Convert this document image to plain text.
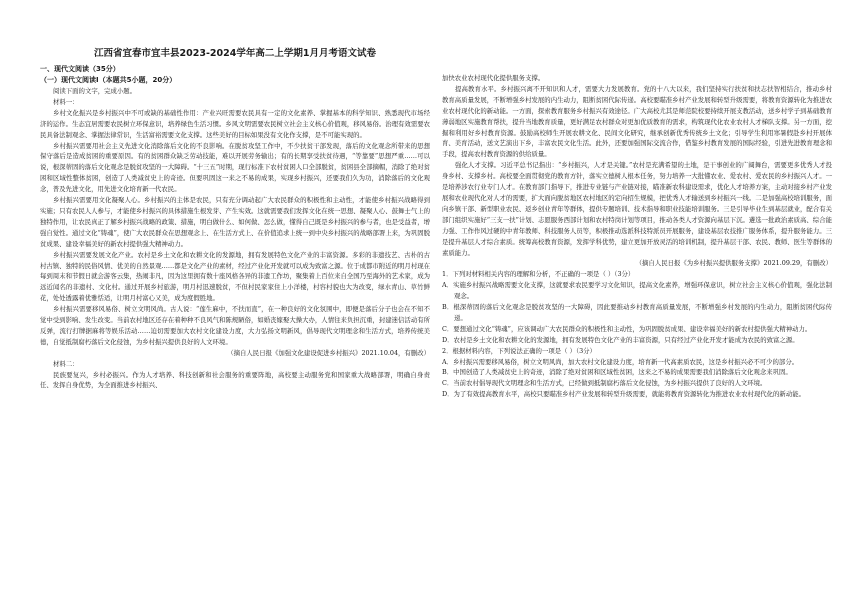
江西省宜春市宜丰县2023-2024学年高二上学期1月月考语文试卷
一、现代文阅读（35分）
（一）现代文阅读Ⅰ（本题共5小题，20分）

阅读下面的文字，完成小题。

材料一：

乡村文化振兴是乡村振兴中不可或缺的基础性作用：产业兴旺需要农民具有一定的文化素养、掌握基本的科学知识、熟悉现代市场经济的运作。生态宜居需要农民树立环保意识，培养绿色生活习惯。乡风文明需要农民树立社会主义核心价值观，移风易俗。治理有效需要农民具备法制观念、掌握法律常识，生活富裕需要文化支撑。这些美好的目标如果没有文化作支撑，是不可能实现的。

乡村振兴需要用社会主义先进文化消除落后文化的不良影响。在脱贫攻坚工作中，不少扶贫干部发现，落后的文化观念所带来的思想保守落后是造成贫困的重要原因。有的贫困群众缺乏劳动技能，难以开展劳务输出；有的长期享受扶贫待遇，“等靠要”思想严重……可以说，根深蒂固的落后文化观念是脱贫攻坚的一大障碍。“十三五”时期，现行标准下农村贫困人口全部脱贫，贫困县全部摘帽，消除了绝对贫困和区域性整体贫困，创造了人类减贫史上的奇迹。但要巩固这一来之不易的成果，实现乡村振兴，还要我们久为功，消除落后的文化观念，普及先进文化，用先进文化培育新一代农民。

乡村振兴需要用文化凝聚人心。乡村振兴的主体是农民，只有充分调动起广大农民群众的积极性和主动性，才能使乡村振兴战略得到实施；只有农民人人参与，才能使乡村振兴的具体措施生根发芽、产生实效。这就需要我们发挥文化在统一思想、凝聚人心、鼓舞士气上的独特作用，让农民真正了解乡村振兴战略的政策、措施，明白做什么、如何做、怎么做，懂得自己既是乡村振兴的参与者，也是受益者，增强自觉性。通过文化“铸魂”，使广大农民群众在思想观念上、在生活方式上、在价值追求上统一到中央乡村振兴的战略部署上来，为巩固脱贫成果、建设幸福美好的新农村提供强大精神动力。

乡村振兴需要发展文化产业。农村是乡土文化和农耕文化的发源地，拥有发展特色文化产业的丰富资源。多彩的非遗技艺、古朴的古村古镇、独特的民俗风情、优美的自然景观……都是文化产业的素材，经过产业化开发就可以成为致富之源。位于成都市附近的明月村现在每到周末和节假日就会游客云集，热闹非凡，因为这里拥有数十座风格各异的非遗工作坊，聚集着上百位来自全国乃至海外的艺术家，成为远近闻名的非遗村、文化村。通过开展乡村旅游，明月村迅速脱贫，不但村民家家住上小洋楼，村容村貌也大为改变，绿水青山、草竹鲜花，处处透露着优雅恬适，让明月村富心又美，成为度假胜地。

乡村振兴需要移风易俗、树立文明风尚。古人说：“莲生麻中，不扶而直”，在一种良好的文化氛围中，即便是落后分子也会在不知不觉中受到影响、发生改变。当前农村地区还存在着种种不良风气和陈规陋俗，如婚丧嫁娶大操大办，人情往来负担沉重，封建迷信活动有所反弹，流行打牌据麻将等娱乐活动……迫切需要加大农村文化建设力度，大力弘扬文明新风，倡导现代文明理念和生活方式，培养传统美德，自觉抵制腐朽落后文化侵蚀，为乡村振兴提供良好的人文环境。

（摘自人民日报《加强文化建设促进乡村振兴》2021.10.04，有删改）

材料二：

民族要复兴，乡村必振兴。作为人才培养、科技创新和社会服务的重要阵地，高校要主动服务党和国家重大战略部署，明确自身责任、发挥自身优势，为全面推进乡村振兴、

加快农业农村现代化提供服务支撑。

提高教育水平。乡村振兴离不开知识和人才，需要大力发展教育。党的十八大以来，我们坚持实行扶贫和扶志扶智相结合，推动乡村教育高质量发展，不断增强乡村发展的内生动力，阻断贫困代际传递。高校要瞄准乡村产业发展和转型升级需要，将教育资源转化为推进农业农村现代化的新动能。一方面，探索教育服务乡村振兴有效途径。广大高校尤其是师范院校要持续开展支教活动，送乡村学子到基础教育薄弱地区实施教育帮扶，提升当地教育质量，更好满足农村群众对更加优质教育的需求，构筑现代化农业农村人才梯队支撑。另一方面，挖掘和利用好乡村教育资源。鼓励高校师生开展农耕文化、民间文化研究，继承创新优秀传统乡土文化；引导学生利用寒暑假赴乡村开展体育、美育活动，送文艺演出下乡，丰富农民文化生活。此外，还要加强国际交流合作，借鉴乡村教育发展的国际经验，引进先进教育理念和手段，提高农村教育资源的供给质量。

强化人才支撑。习近平总书记指出：“乡村振兴，人才是关键。”农村是充满希望的土地，是干事创业的广阔舞台，需要更多优秀人才投身乡村、支撑乡村。高校要全面贯彻党的教育方针，落实立德树人根本任务，努力培养一大批懂农业、爱农村、爱农民的乡村振兴人才。一是培养涉农行业专门人才。在教育部门指导下，推进专业链与产业链对接，瞄准新农科建设需求，优化人才培养方案，主动对接乡村产业发展和农业现代化对人才的需要，扩大面向脱贫地区农村地区的定向招生规模，把优秀人才输送到乡村振兴一线。二是加强高校培训服务，面向乡镇干部、新型职业农民、返乡创业青年等群体，提供专题培训、技术指导和职业技能培训服务。三是引导毕业生到基层就业，配合有关部门组织实施好“三支一扶”计划、志愿服务西部计划和农村特岗计划等项目，推动各类人才资源向基层下沉。遴选一批政治素质高、综合能力强、工作作风过硬的中青年教师、科技服务人员等，积极推动选派科技特派员开展服务，建设基层农技推广服务体系，提升服务能力。三是提升基层人才综合素质。统筹高校教育资源，发挥学科优势，建立更加开放灵活的培训机制，提升基层干部、农民、教师、医生等群体的素质能力。

（摘自人民日报《为乡村振兴提供服务支撑》2021.09.29，有删改）

1．下列对材料相关内容的理解和分析，不正确的一项是（ ）（3分）

A．实施乡村振兴战略需要文化支撑，这就要求农民要学习文化知识，提高文化素养，增强环保意识，树立社会主义核心价值观，强化法制观念。

B．根深蒂固的落后文化观念是脱贫攻坚的一大障碍，因此要推动乡村教育高质量发展，不断增强乡村发展的内生动力，阻断贫困代际传递。

C．要想通过文化“铸魂”，应该调动广大农民群众的积极性和主动性，为巩固脱贫成果、建设幸福美好的新农村提供强大精神动力。

D．农村是乡土文化和农耕文化的发源地，拥有发展特色文化产业的丰富资源，只有经过产业化开发才能成为农民的致富之源。

2．根据材料内容，下列说法正确的一项是（ ）（3分）

A．乡村振兴需要移风易俗，树立文明风尚，加大农村文化建设力度，培育新一代高素质农民，这是乡村振兴必不可少的部分。

B．中国创造了人类减贫史上的奇迹，消除了绝对贫困和区域性贫困，这来之不易的成果需要我们消除落后文化观念来巩固。

C．当前农村倡导现代文明理念和生活方式，已经做到抵制腐朽落后文化侵蚀，为乡村振兴提供了良好的人文环境。

D．为了有效提高教育水平，高校只要瞄准乡村产业发展和转型升级需要，就能将教育资源转化为推进农业农村现代化的新动能。
